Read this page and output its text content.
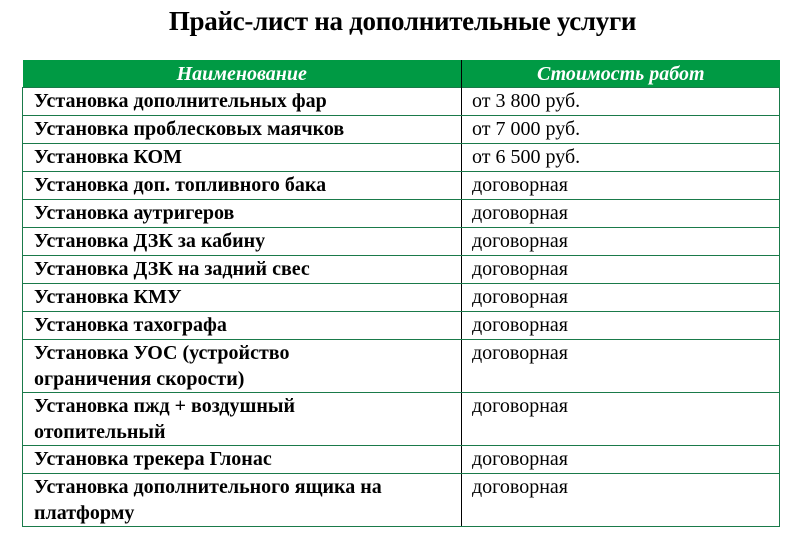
Прайс-лист на дополнительные услуги
Наименование	Стоимость работ
Установка дополнительных фар	от 3 800 руб.
Установка проблесковых маячков	от 7 000 руб.
Установка КОМ	от 6 500 руб.
Установка доп. топливного бака	договорная
Установка аутригеров	договорная
Установка ДЗК за кабину	договорная
Установка ДЗК на задний свес	договорная
Установка КМУ	договорная
Установка тахографа	договорная
Установка УОС (устройство ограничения скорости)	договорная
Установка пжд + воздушный отопительный	договорная
Установка трекера Глонас	договорная
Установка дополнительного ящика на платформу	договорная
